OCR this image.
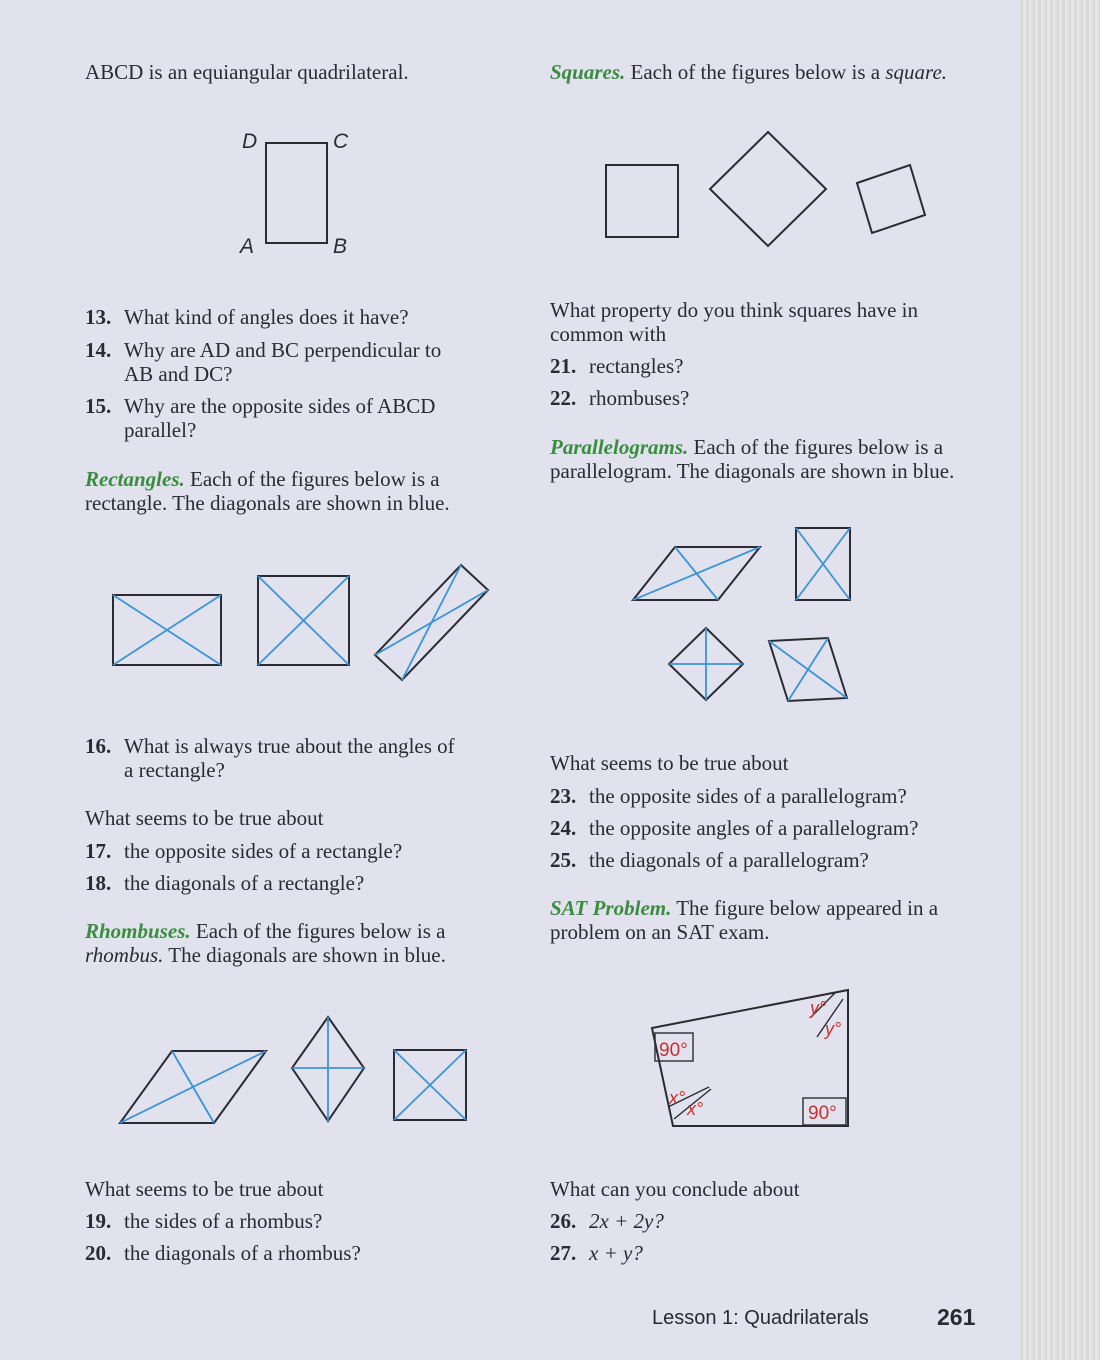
ABCD is an equiangular quadrilateral.

D	C
A	B
13. What kind of angles does it have?
14. Why are AD and BC perpendicular to
AB and DC?
15. Why are the opposite sides of ABCD
parallel?
Rectangles. Each of the figures below is a
rectangle. The diagonals are shown in blue.
16. What is always true about the angles of
a rectangle?

What seems to be true about

17. the opposite sides of a rectangle?
18. the diagonals of a rectangle?
Rhombuses. Each of the figures below is a
rhombus. The diagonals are shown in blue.

What seems to be true about

19. the sides of a rhombus?
20. the diagonals of a rhombus?
Squares. Each of the figures below is a square.
What property do you think squares have in
common with
21. rectangles?
22. rhombuses?
Parallelograms. Each of the figures below is a
parallelogram. The diagonals are shown in blue.

What seems to be true about

23. the opposite sides of a parallelogram?
24. the opposite angles of a parallelogram?
25. the diagonals of a parallelogram?
SAT Problem. The figure below appeared in a
problem on an SAT exam.
90°
90°
x°
x°
y°
y°

What can you conclude about

26. 2x + 2y?
27. x + y?
Lesson 1: Quadrilaterals	261
